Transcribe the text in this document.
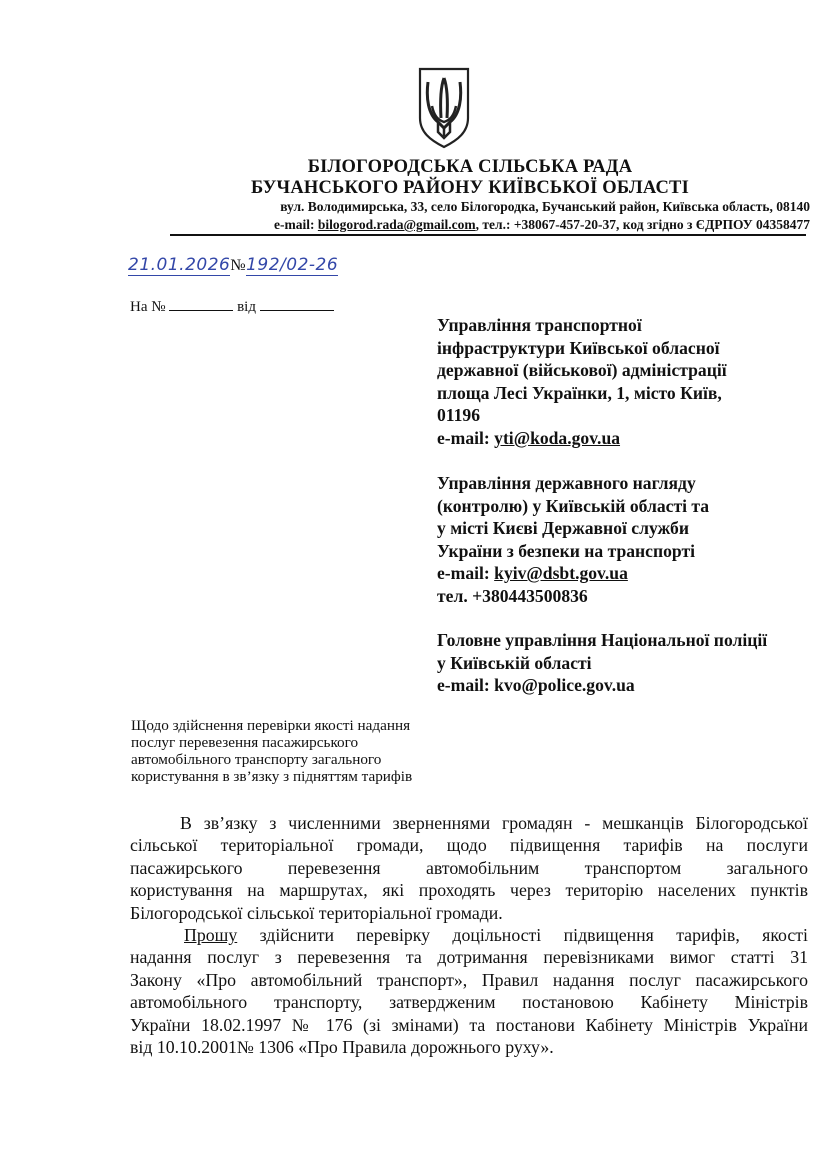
БІЛОГОРОДСЬКА СІЛЬСЬКА РАДА
БУЧАНСЬКОГО РАЙОНУ КИЇВСЬКОЇ ОБЛАСТІ
вул. Володимирська, 33, село Білогородка, Бучанський район, Київська область, 08140
e-mail: bilogorod.rada@gmail.com, тел.: +38067-457-20-37, код згідно з ЄДРПОУ 04358477
21.01.2026№192/02-26
На №	від
Управління транспортної
інфраструктури Київської обласної
державної (військової) адміністрації
площа Лесі Українки, 1, місто Київ,
01196
e-mail: yti@koda.gov.ua
Управління державного нагляду
(контролю) у Київській області та
у місті Києві Державної служби
України з безпеки на транспорті
e-mail: kyiv@dsbt.gov.ua
тел. +380443500836
Головне управління Національної поліції
у Київській області
e-mail: kvo@police.gov.ua
Щодо здійснення перевірки якості надання
послуг перевезення пасажирського
автомобільного транспорту загального
користування в зв’язку з підняттям тарифів
В зв’язку з численними зверненнями громадян - мешканців Білогородської
сільської територіальної громади, щодо підвищення тарифів на послуги
пасажирського перевезення автомобільним транспортом загального
користування на маршрутах, які проходять через територію населених пунктів
Білогородської сільської територіальної громади.
Прошу здійснити перевірку доцільності підвищення тарифів, якості
надання послуг з перевезення та дотримання перевізниками вимог статті 31
Закону «Про автомобільний транспорт», Правил надання послуг пасажирського
автомобільного транспорту, затвердженим постановою Кабінету Міністрів
України 18.02.1997 № 176 (зі змінами) та постанови Кабінету Міністрів України
від 10.10.2001№ 1306 «Про Правила дорожнього руху».
